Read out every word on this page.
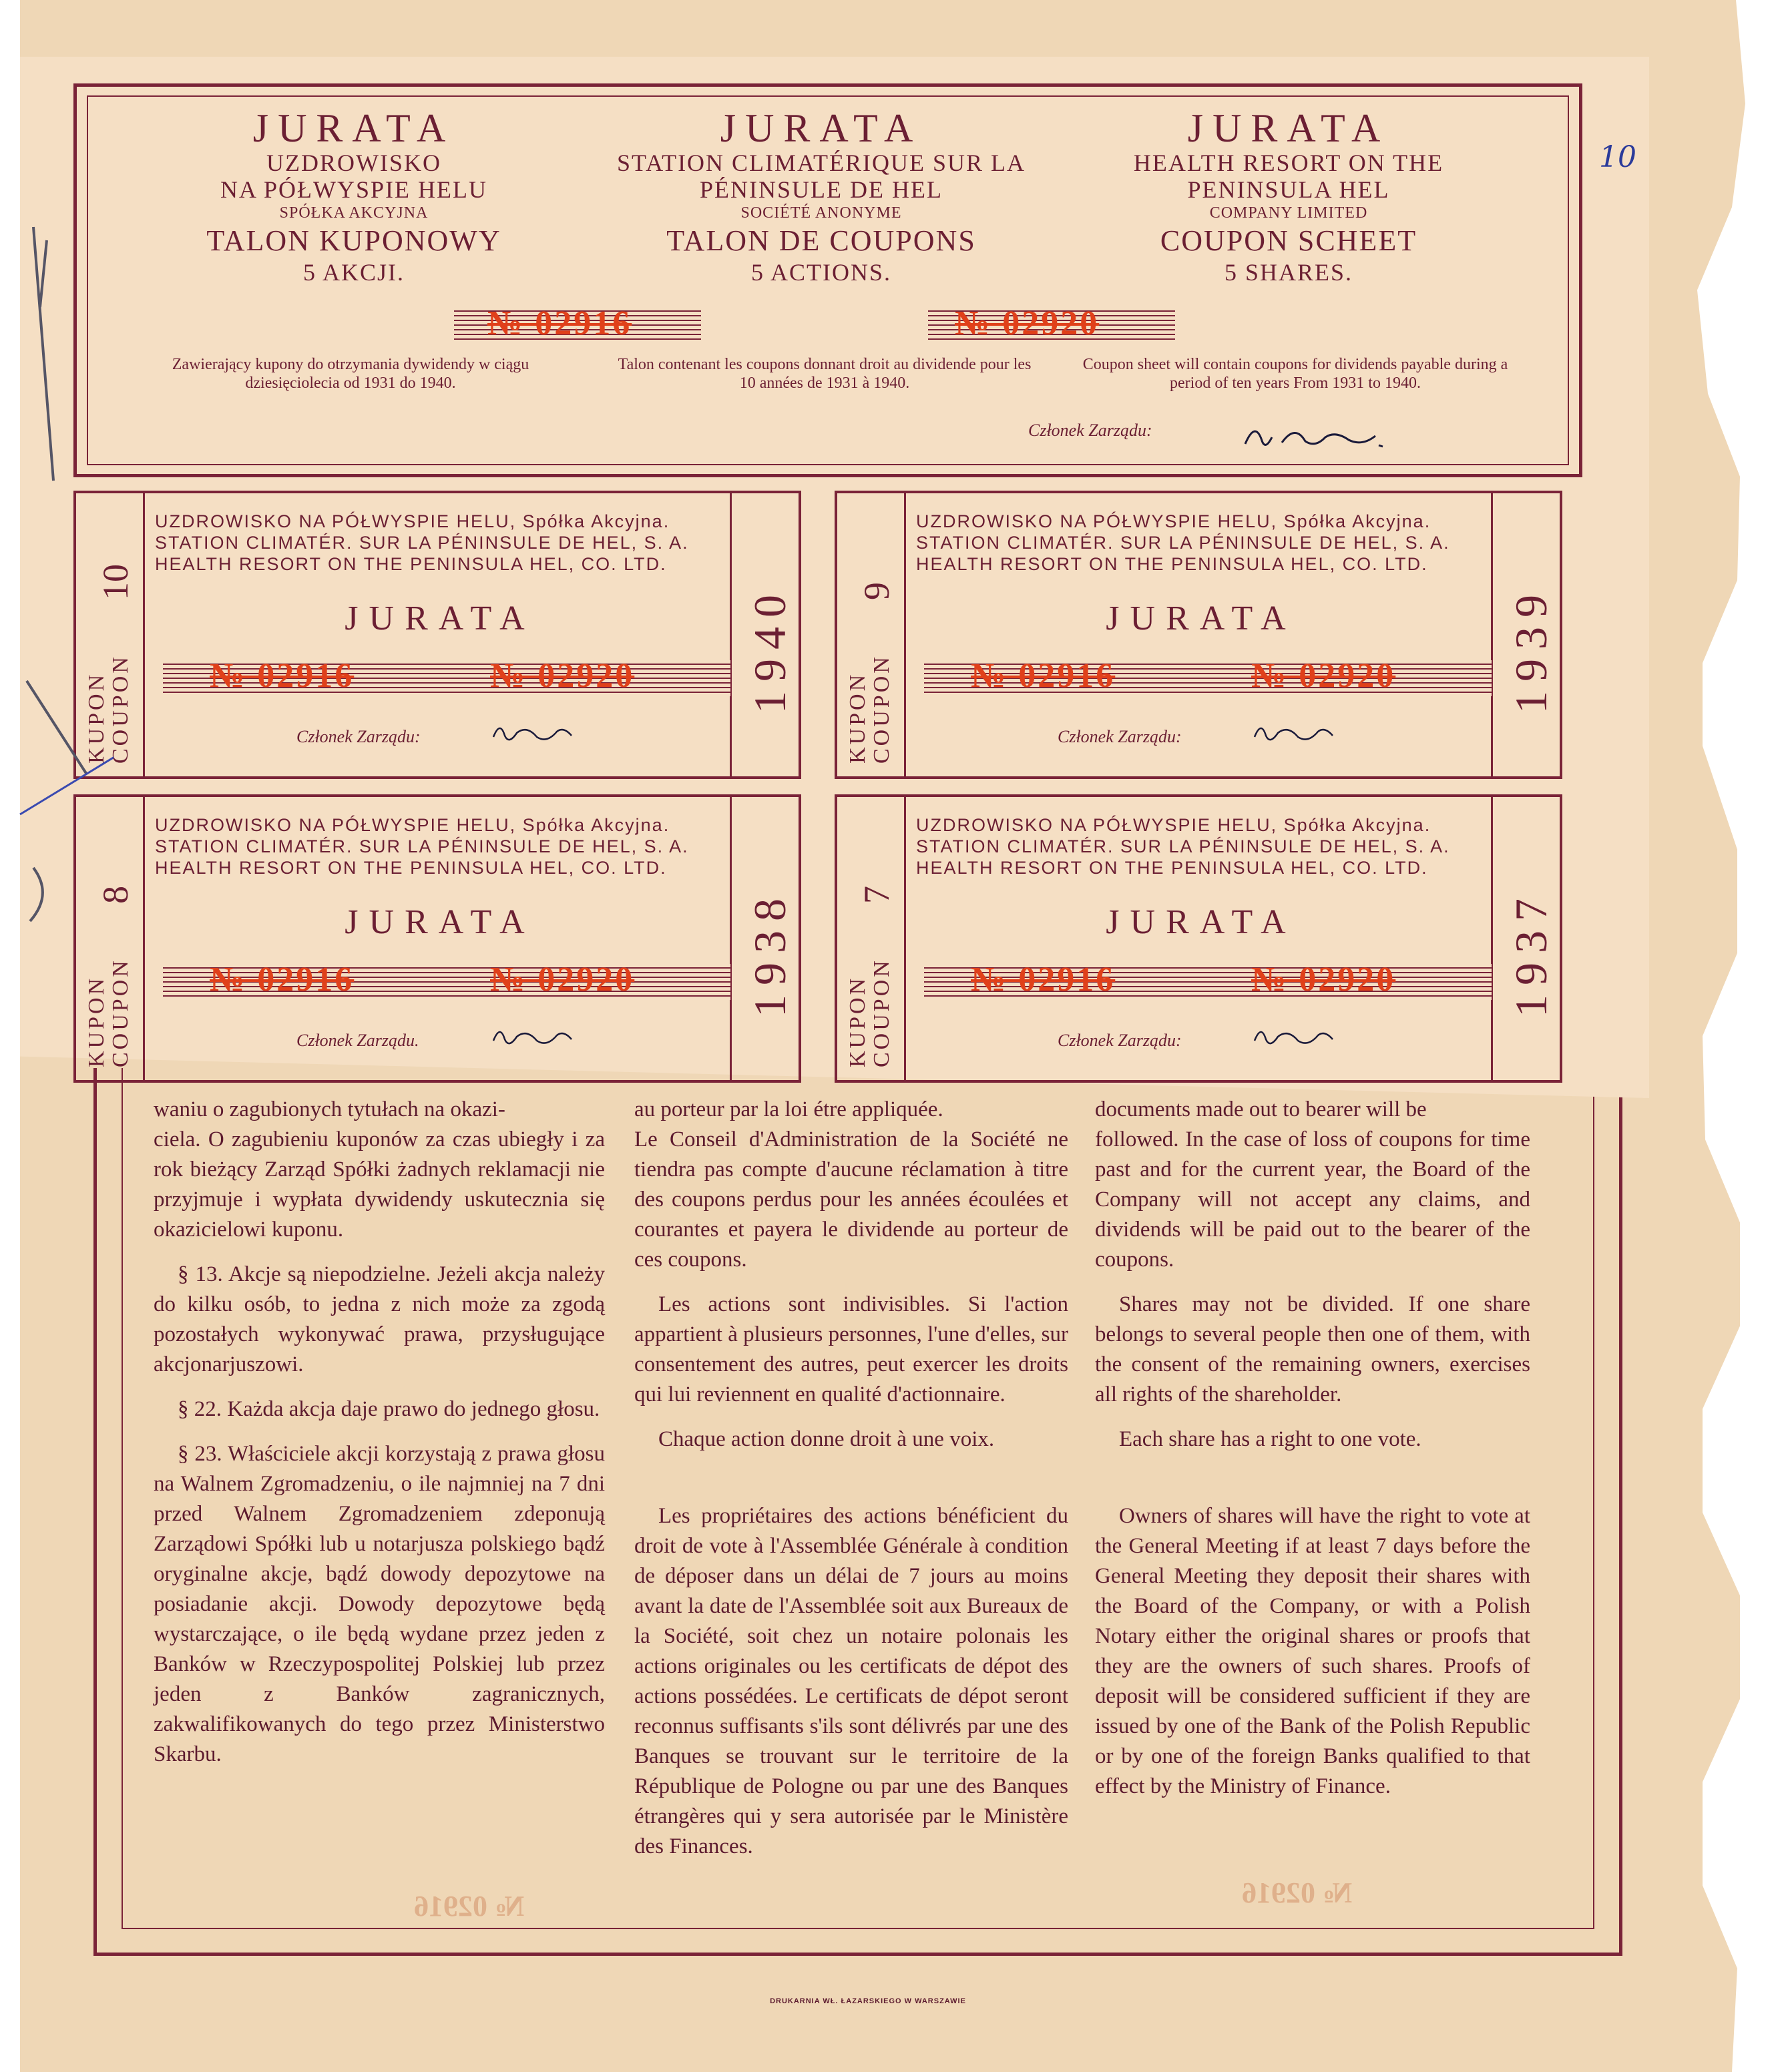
waniu o zagubionych tytułach na okazi-

ciela. O zagubieniu kuponów za czas ubiegły i za rok bieżący Zarząd Spółki żadnych reklamacji nie przyjmuje i wypłata dywidendy uskutecznia się okazicielowi kuponu.

§ 13. Akcje są niepodzielne. Jeżeli akcja należy do kilku osób, to jedna z nich może za zgodą pozostałych wykonywać prawa, przysługujące akcjonarjuszowi.

§ 22. Każda akcja daje prawo do jednego głosu.

§ 23. Właściciele akcji korzystają z prawa głosu na Walnem Zgromadzeniu, o ile najmniej na 7 dni przed Walnem Zgromadzeniem zdeponują Zarządowi Spółki lub u notarjusza polskiego bądź oryginalne akcje, bądź dowody depozytowe na posiadanie akcji. Dowody depozytowe będą wystarczające, o ile będą wydane przez jeden z Banków w Rzeczypospolitej Polskiej lub przez jeden z Banków zagranicznych, zakwalifikowanych do tego przez Ministerstwo Skarbu.

au porteur par la loi étre appliquée.

Le Conseil d'Administration de la Société ne tiendra pas compte d'aucune réclamation à titre des coupons perdus pour les années écoulées et courantes et payera le dividende au porteur de ces coupons.

Les actions sont indivisibles. Si l'action appartient à plusieurs personnes, l'une d'elles, sur consentement des autres, peut exercer les droits qui lui reviennent en qualité d'actionnaire.

Chaque action donne droit à une voix.

Les propriétaires des actions bénéficient du droit de vote à l'Assemblée Générale à condition de déposer dans un délai de 7 jours au moins avant la date de l'Assemblée soit aux Bureaux de la Société, soit chez un notaire polonais les actions originales ou les certificats de dépot des actions possédées. Le certificats de dépot seront reconnus suffisants s'ils sont délivrés par une des Banques se trouvant sur le territoire de la République de Pologne ou par une des Banques étrangères qui y sera autorisée par le Ministère des Finances.

documents made out to bearer will be

followed. In the case of loss of coupons for time past and for the current year, the Board of the Company will not accept any claims, and dividends will be paid out to the bearer of the coupons.

Shares may not be divided. If one share belongs to several people then one of them, with the consent of the remaining owners, exercises all rights of the shareholder.

Each share has a right to one vote.

Owners of shares will have the right to vote at the General Meeting if at least 7 days before the General Meeting they deposit their shares with the Board of the Company, or with a Polish Notary either the original shares or proofs that they are the owners of such shares. Proofs of deposit will be considered sufficient if they are issued by one of the Bank of the Polish Republic or by one of the foreign Banks qualified to that effect by the Ministry of Finance.

№ 02916	№ 02916
DRUKARNIA WŁ. ŁAZARSKIEGO W WARSZAWIE
JURATA
UZDROWISKO
NA PÓŁWYSPIE HELU
SPÓŁKA AKCYJNA
TALON KUPONOWY
5 AKCJI.
JURATA
STATION CLIMATÉRIQUE SUR LA
PÉNINSULE DE HEL
SOCIÉTÉ ANONYME
TALON DE COUPONS
5 ACTIONS.
JURATA
HEALTH RESORT ON THE
PENINSULA HEL
COMPANY LIMITED
COUPON SCHEET
5 SHARES.
№ 02916	№ 02920
Zawierający kupony do otrzymania dywidendy w ciągu dziesięciolecia od 1931 do 1940.
Talon contenant les coupons donnant droit au dividende pour les 10 années de 1931 à 1940.
Coupon sheet will contain coupons for dividends payable during a period of ten years From 1931 to 1940.
Członek Zarządu:
10
KUPON COUPON	1940
UZDROWISKO NA PÓŁWYSPIE HELU, Spółka Akcyjna.
STATION CLIMATÉR. SUR LA PÉNINSULE DE HEL, S. A.
HEALTH RESORT ON THE PENINSULA HEL, CO. LTD.
JURATA
№ 02916	№ 02920
Członek Zarządu:
9
KUPON COUPON	1939
UZDROWISKO NA PÓŁWYSPIE HELU, Spółka Akcyjna.
STATION CLIMATÉR. SUR LA PÉNINSULE DE HEL, S. A.
HEALTH RESORT ON THE PENINSULA HEL, CO. LTD.
JURATA
№ 02916	№ 02920
Członek Zarządu:
8
KUPON COUPON	1938
UZDROWISKO NA PÓŁWYSPIE HELU, Spółka Akcyjna.
STATION CLIMATÉR. SUR LA PÉNINSULE DE HEL, S. A.
HEALTH RESORT ON THE PENINSULA HEL, CO. LTD.
JURATA
№ 02916	№ 02920
Członek Zarządu.
7
KUPON COUPON	1937
UZDROWISKO NA PÓŁWYSPIE HELU, Spółka Akcyjna.
STATION CLIMATÉR. SUR LA PÉNINSULE DE HEL, S. A.
HEALTH RESORT ON THE PENINSULA HEL, CO. LTD.
JURATA
№ 02916	№ 02920
Członek Zarządu:
10
